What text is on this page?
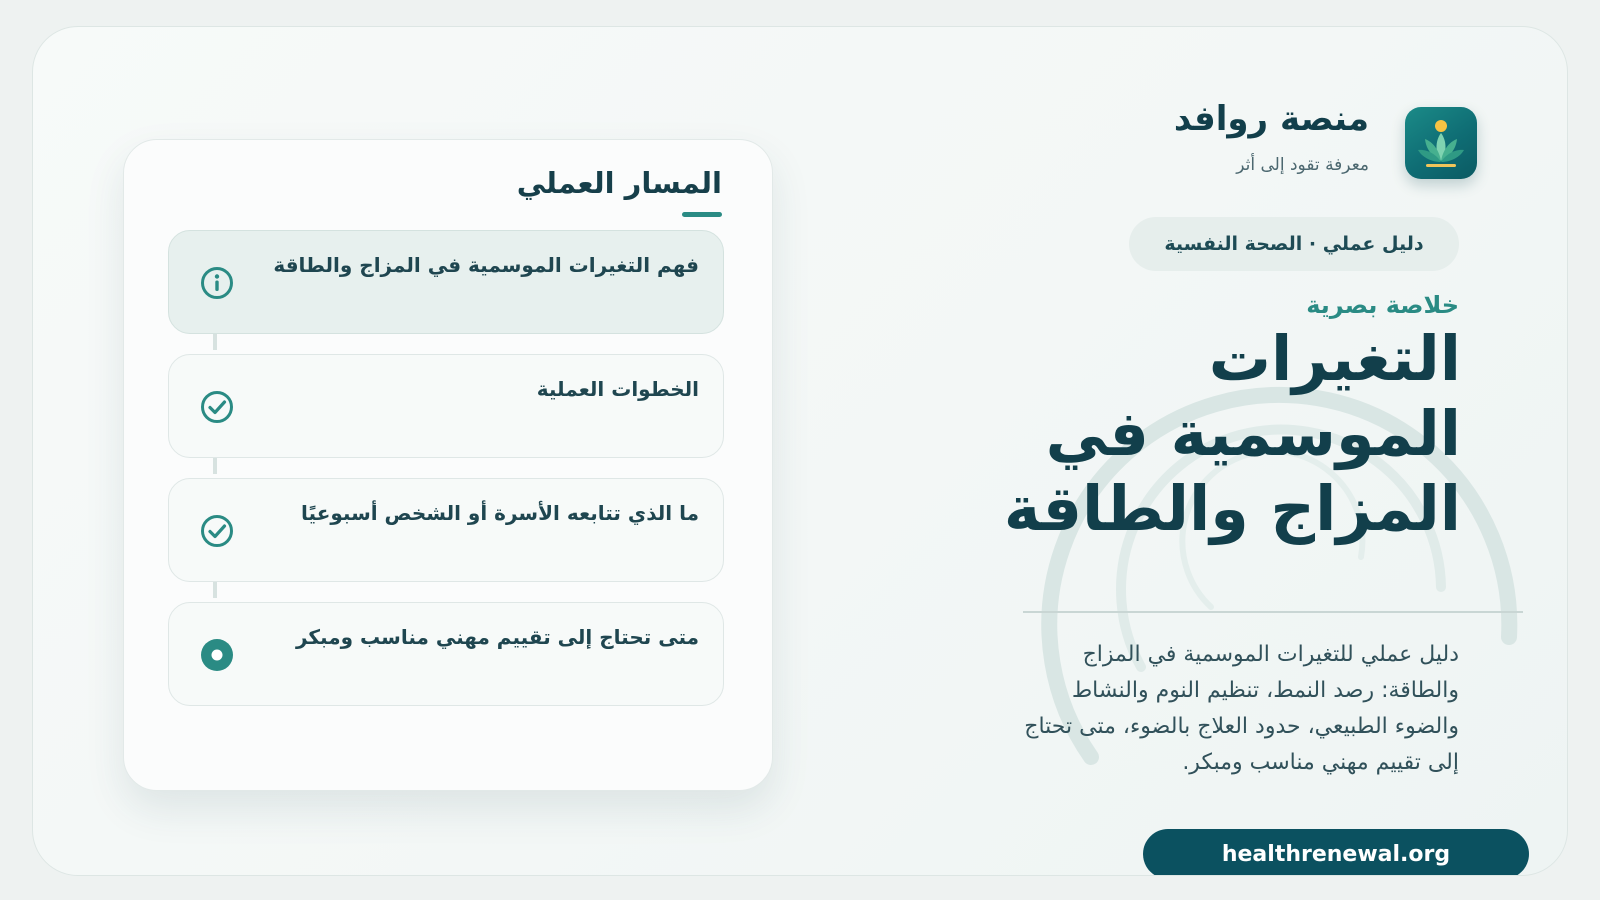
المسار العملي
فهم التغيرات الموسمية في المزاج والطاقة
الخطوات العملية
ما الذي تتابعه الأسرة أو الشخص أسبوعيًا
متى تحتاج إلى تقييم مهني مناسب ومبكر
منصة روافد
معرفة تقود إلى أثر
دليل عملي · الصحة النفسية
خلاصة بصرية
التغيرات الموسمية في المزاج والطاقة
دليل عملي للتغيرات الموسمية في المزاج والطاقة: رصد النمط، تنظيم النوم والنشاط والضوء الطبيعي، حدود العلاج بالضوء، متى تحتاج إلى تقييم مهني مناسب ومبكر.
healthrenewal.org
